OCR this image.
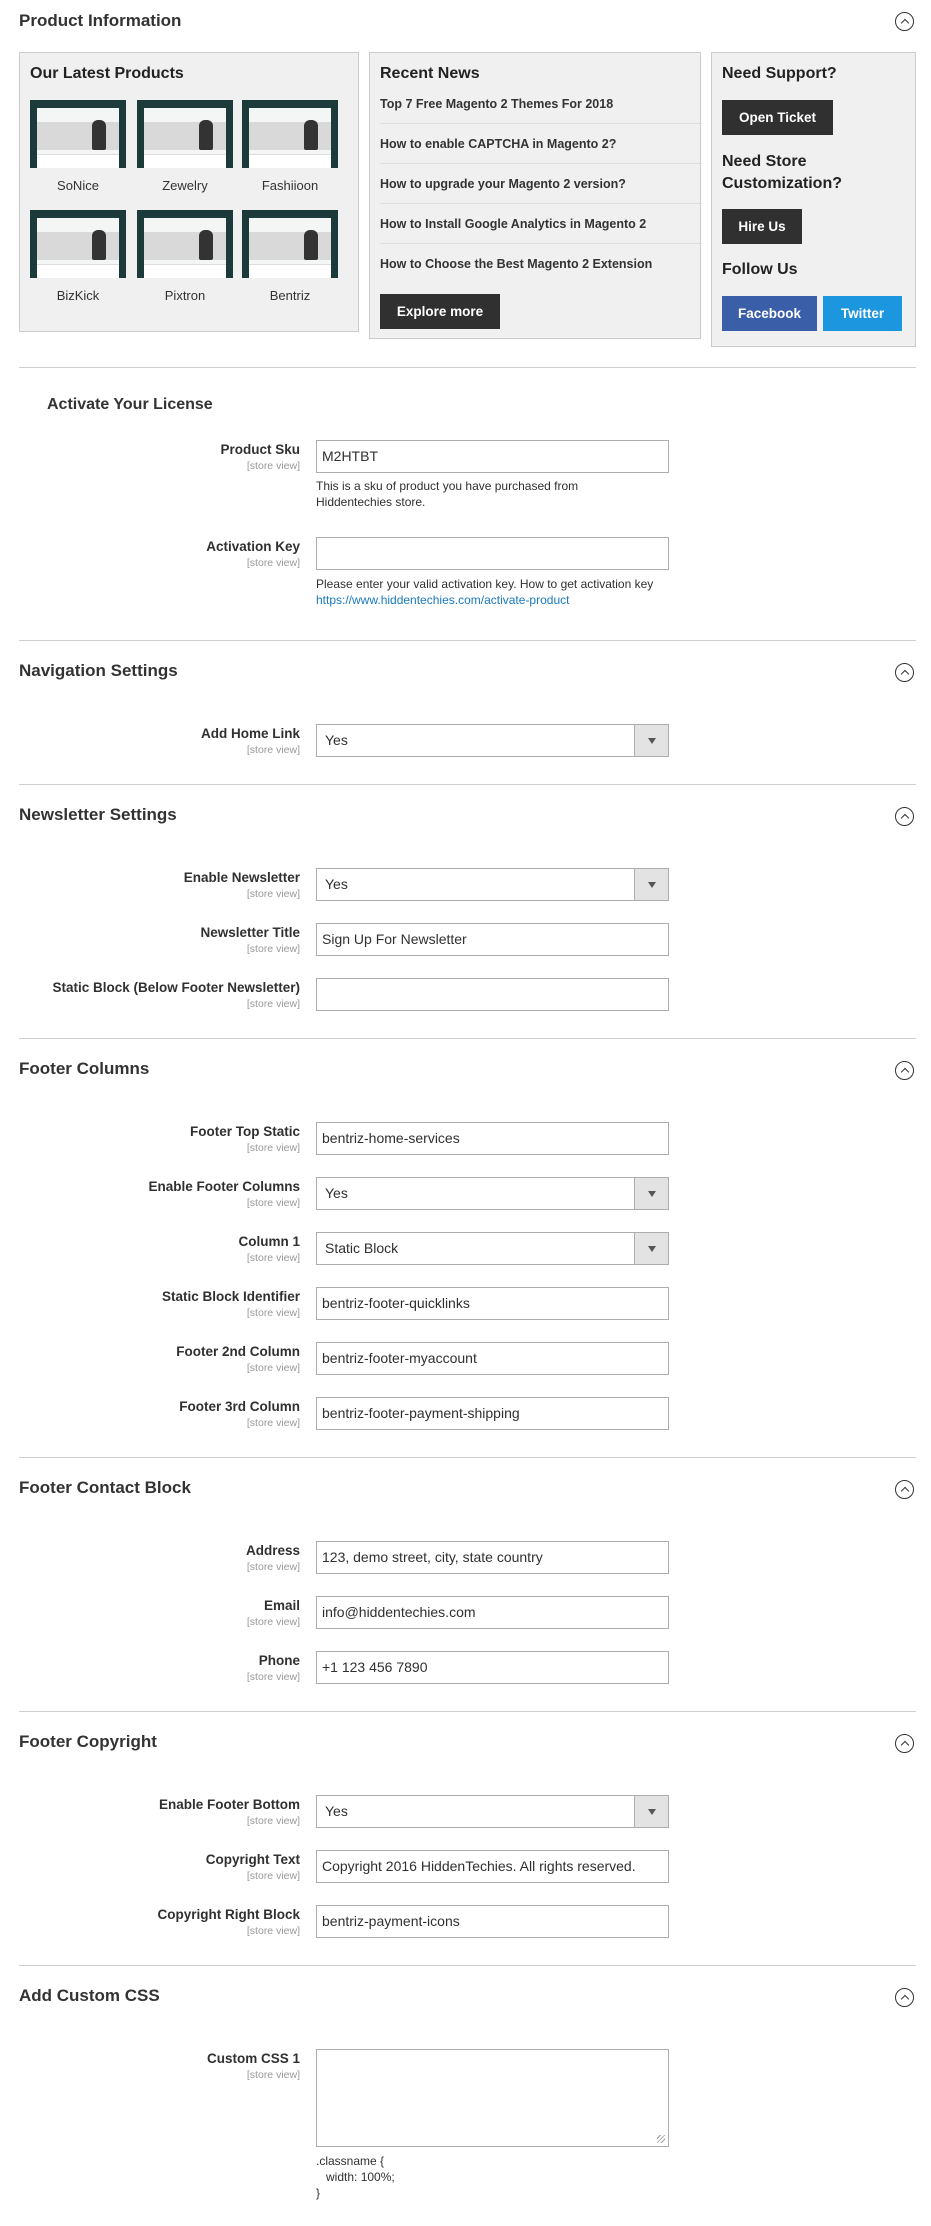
Product Information
Our Latest Products
SoNice	Zewelry	Fashiioon
BizKick	Pixtron	Bentriz
Recent News
Top 7 Free Magento 2 Themes For 2018
How to enable CAPTCHA in Magento 2?
How to upgrade your Magento 2 version?
How to Install Google Analytics in Magento 2
How to Choose the Best Magento 2 Extension
Explore more
Need Support?
Open Ticket
Need Store
Customization?
Hire Us
Follow Us
Facebook	Twitter
Activate Your License
Product Sku
[store view]
M2HTBT
This is a sku of product you have purchased from Hiddentechies store.
Activation Key
[store view]
Please enter your valid activation key. How to get activation key
https://www.hiddentechies.com/activate-product
Navigation Settings
Add Home Link
[store view]
Yes
Newsletter Settings
Enable Newsletter
[store view]
Yes
Newsletter Title
[store view]
Sign Up For Newsletter
Static Block (Below Footer Newsletter)
[store view]
Footer Columns
Footer Top Static
[store view]
bentriz-home-services
Enable Footer Columns
[store view]
Yes
Column 1
[store view]
Static Block
Static Block Identifier
[store view]
bentriz-footer-quicklinks
Footer 2nd Column
[store view]
bentriz-footer-myaccount
Footer 3rd Column
[store view]
bentriz-footer-payment-shipping
Footer Contact Block
Address
[store view]
123, demo street, city, state country
Email
[store view]
info@hiddentechies.com
Phone
[store view]
+1 123 456 7890
Footer Copyright
Enable Footer Bottom
[store view]
Yes
Copyright Text
[store view]
Copyright 2016 HiddenTechies. All rights reserved.
Copyright Right Block
[store view]
bentriz-payment-icons
Add Custom CSS
Custom CSS 1
[store view]
.classname {
width: 100%;
}
